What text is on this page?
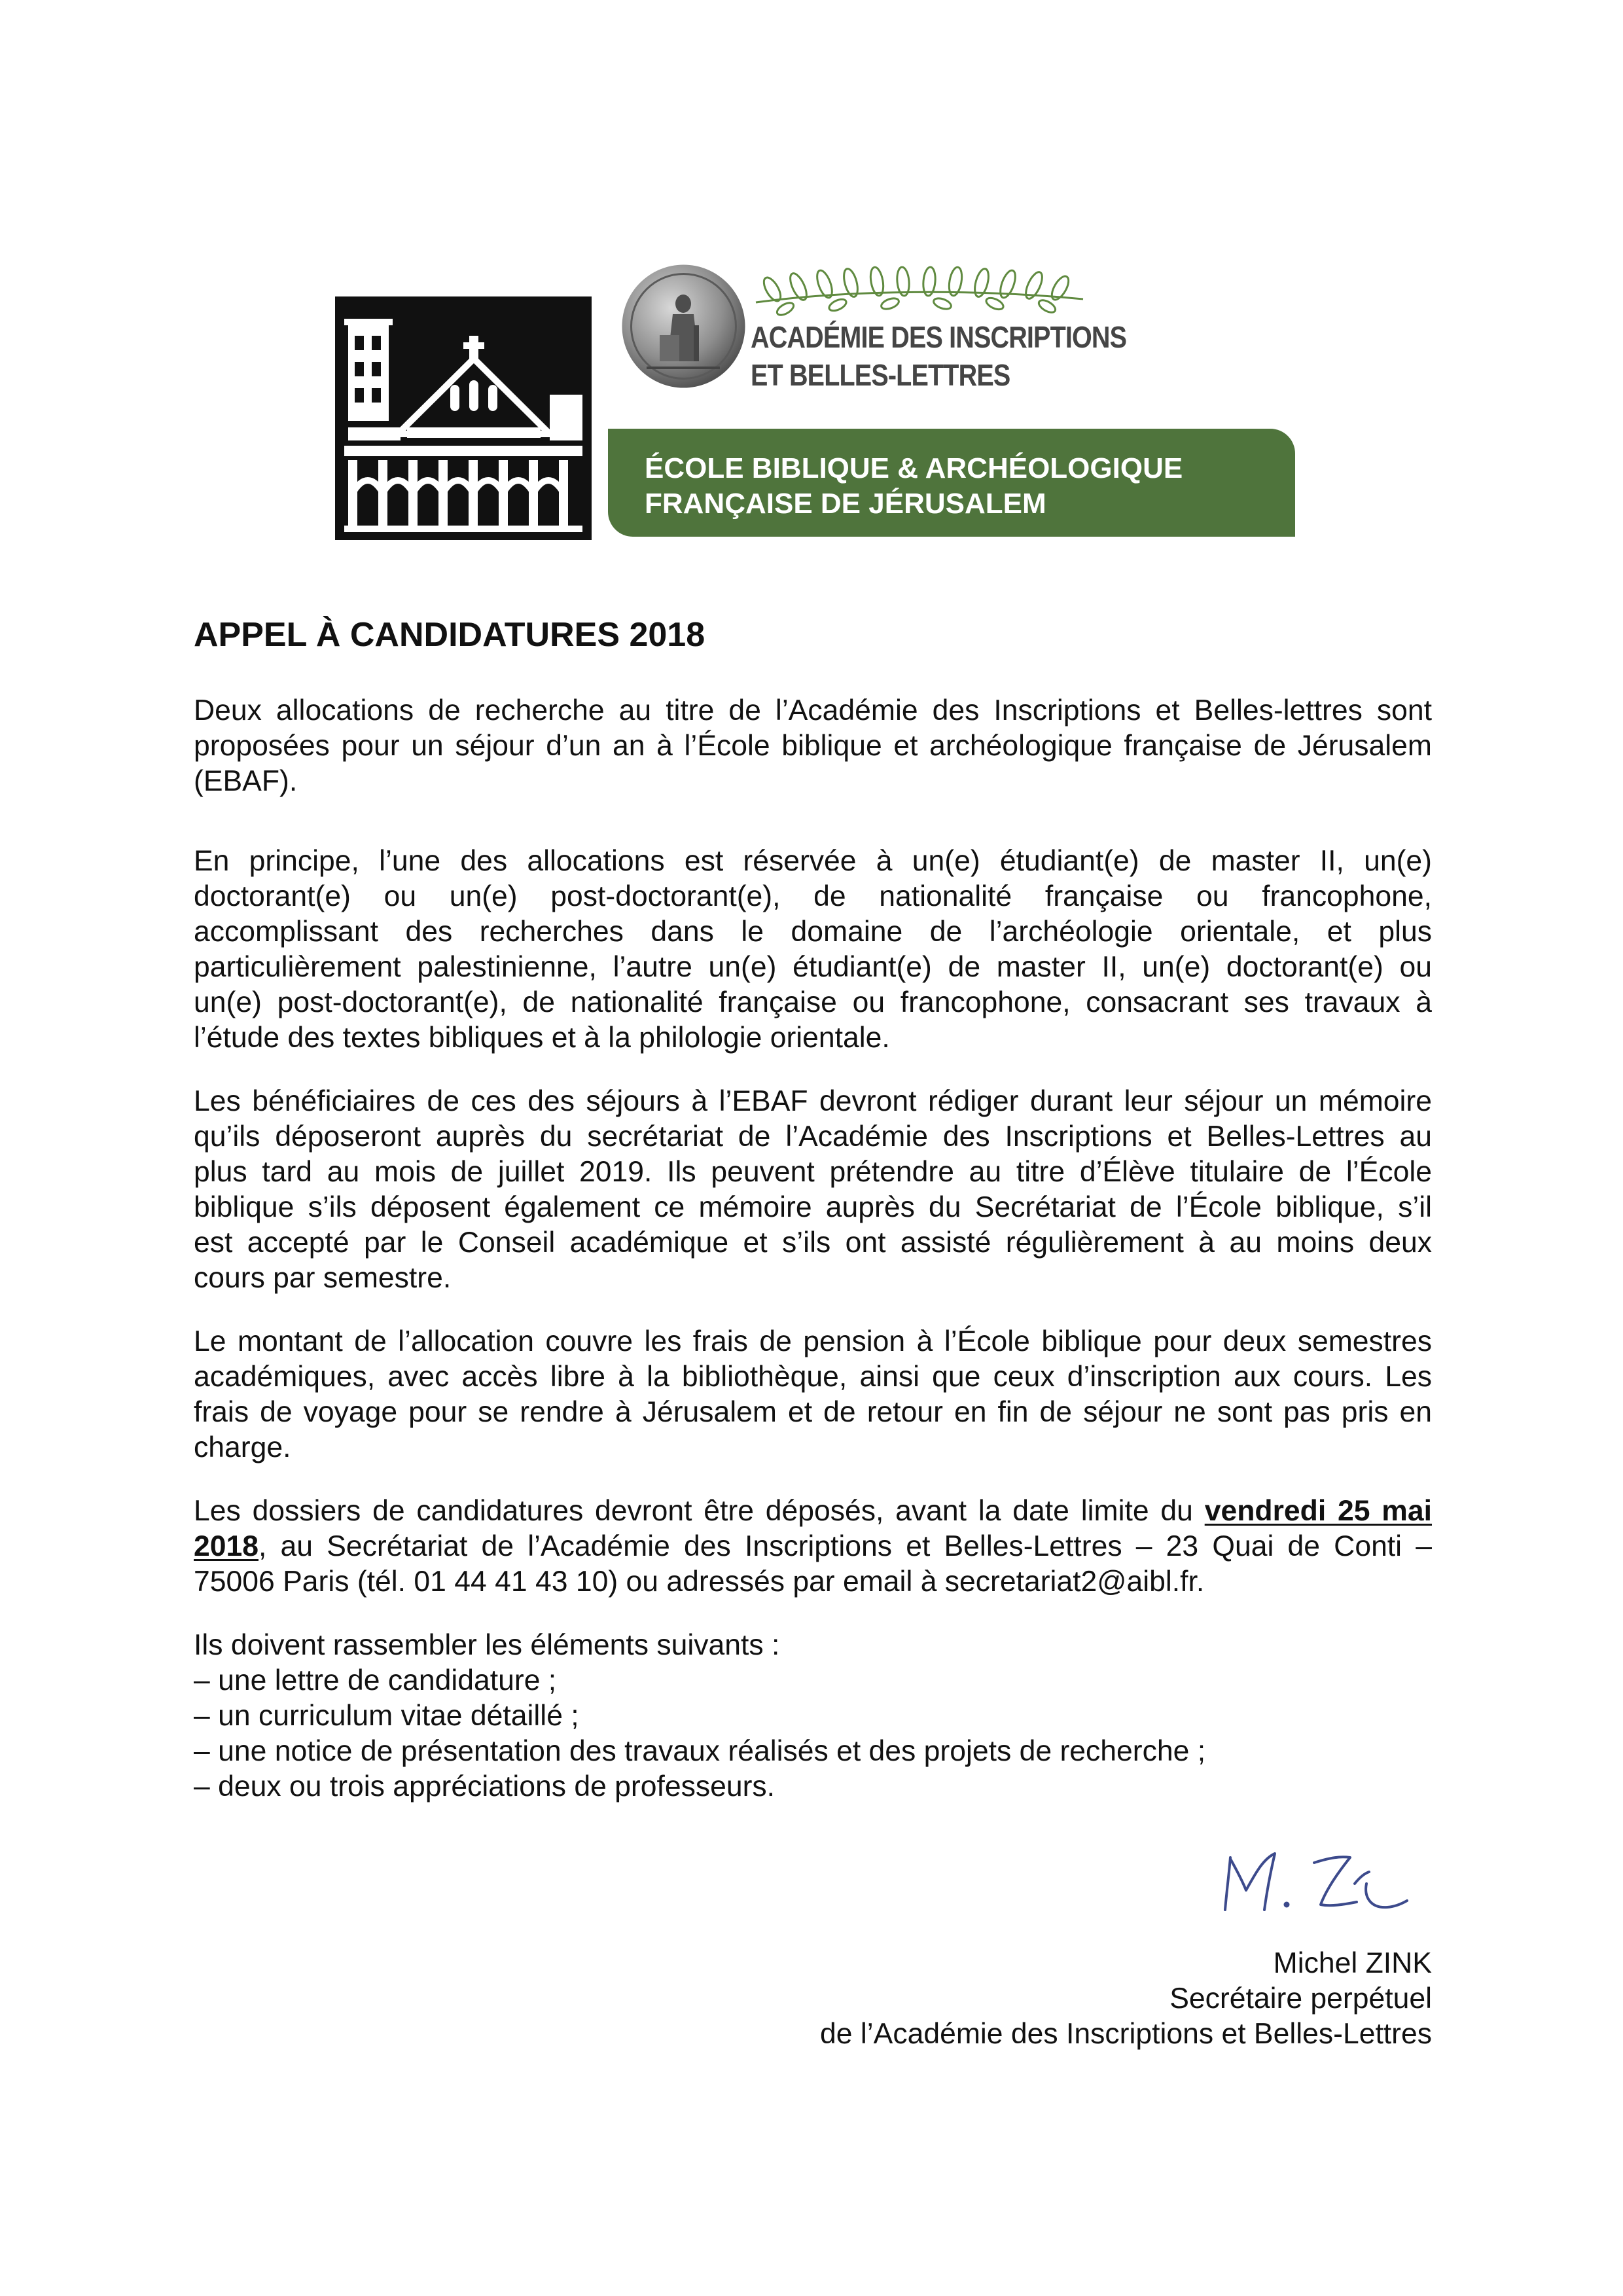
ACADÉMIE DES INSCRIPTIONS
ET BELLES-LETTRES
ÉCOLE BIBLIQUE & ARCHÉOLOGIQUE
FRANÇAISE DE JÉRUSALEM
APPEL À CANDIDATURES 2018
Deux allocations de recherche au titre de l’Académie des Inscriptions et Belles-lettres sont
proposées pour un séjour d’un an à l’École biblique et archéologique française de Jérusalem
(EBAF).
En principe, l’une des allocations est réservée à un(e) étudiant(e) de master II, un(e)
doctorant(e) ou un(e) post-doctorant(e), de nationalité française ou francophone,
accomplissant des recherches dans le domaine de l’archéologie orientale, et plus
particulièrement palestinienne, l’autre un(e) étudiant(e) de master II, un(e) doctorant(e) ou
un(e) post-doctorant(e), de nationalité française ou francophone, consacrant ses travaux à
l’étude des textes bibliques et à la philologie orientale.
Les bénéficiaires de ces des séjours à l’EBAF devront rédiger durant leur séjour un mémoire
qu’ils déposeront auprès du secrétariat de l’Académie des Inscriptions et Belles-Lettres au
plus tard au mois de juillet 2019. Ils peuvent prétendre au titre d’Élève titulaire de l’École
biblique s’ils déposent également ce mémoire auprès du Secrétariat de l’École biblique, s’il
est accepté par le Conseil académique et s’ils ont assisté régulièrement à au moins deux
cours par semestre.
Le montant de l’allocation couvre les frais de pension à l’École biblique pour deux semestres
académiques, avec accès libre à la bibliothèque, ainsi que ceux d’inscription aux cours. Les
frais de voyage pour se rendre à Jérusalem et de retour en fin de séjour ne sont pas pris en
charge.
Les dossiers de candidatures devront être déposés, avant la date limite du vendredi 25 mai
2018, au Secrétariat de l’Académie des Inscriptions et Belles-Lettres – 23 Quai de Conti –
75006 Paris (tél. 01 44 41 43 10) ou adressés par email à secretariat2@aibl.fr.
Ils doivent rassembler les éléments suivants :
– une lettre de candidature ;
– un curriculum vitae détaillé ;
– une notice de présentation des travaux réalisés et des projets de recherche ;
– deux ou trois appréciations de professeurs.
Michel ZINK
Secrétaire perpétuel
de l’Académie des Inscriptions et Belles-Lettres
